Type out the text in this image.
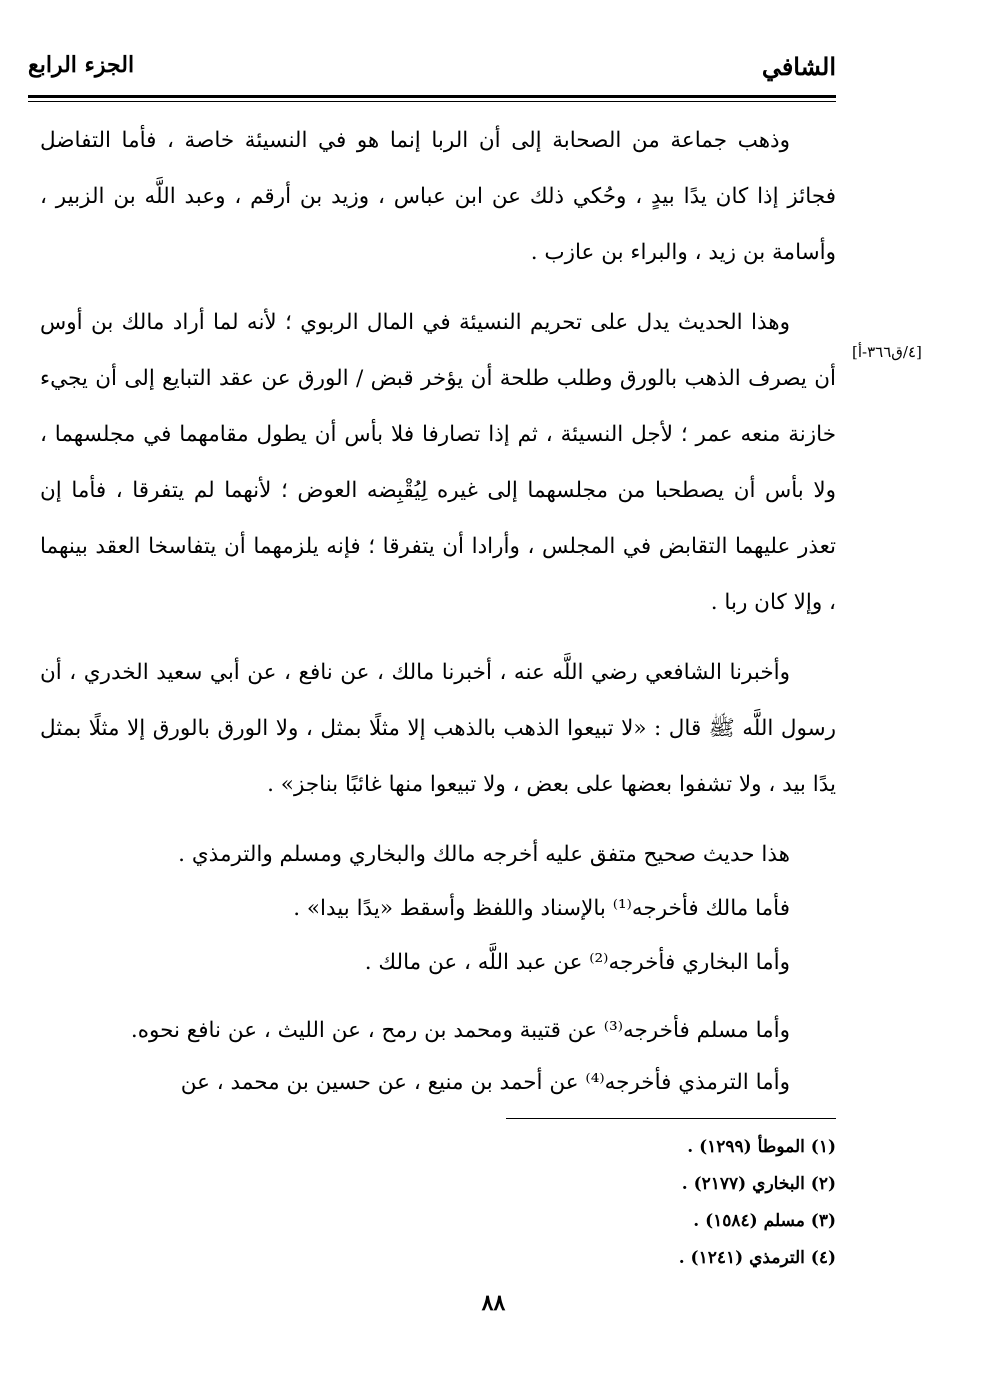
الشافي
الجزء الرابع
[٤/ق٣٦٦-أ]

وذهب جماعة من الصحابة إلى أن الربا إنما هو في النسيئة خاصة ، فأما التفاضل فجائز إذا كان يدًا بيدٍ ، وحُكي ذلك عن ابن عباس ، وزيد بن أرقم ، وعبد اللَّه بن الزبير ، وأسامة بن زيد ، والبراء بن عازب .

وهذا الحديث يدل على تحريم النسيئة في المال الربوي ؛ لأنه لما أراد مالك بن أوس أن يصرف الذهب بالورق وطلب طلحة أن يؤخر قبض / الورق عن عقد التبايع إلى أن يجيء خازنة منعه عمر ؛ لأجل النسيئة ، ثم إذا تصارفا فلا بأس أن يطول مقامهما في مجلسهما ، ولا بأس أن يصطحبا من مجلسهما إلى غيره لِيُقْبِضه العوض ؛ لأنهما لم يتفرقا ، فأما إن تعذر عليهما التقابض في المجلس ، وأرادا أن يتفرقا ؛ فإنه يلزمهما أن يتفاسخا العقد بينهما ، وإلا كان ربا .

وأخبرنا الشافعي رضي اللَّه عنه ، أخبرنا مالك ، عن نافع ، عن أبي سعيد الخدري ، أن رسول اللَّه ﷺ قال : «لا تبيعوا الذهب بالذهب إلا مثلًا بمثل ، ولا الورق بالورق إلا مثلًا بمثل يدًا بيد ، ولا تشفوا بعضها على بعض ، ولا تبيعوا منها غائبًا بناجز» .

هذا حديث صحيح متفق عليه أخرجه مالك والبخاري ومسلم والترمذي .

فأما مالك فأخرجه⁽¹⁾ بالإسناد واللفظ وأسقط «يدًا بيدا» .

وأما البخاري فأخرجه⁽²⁾ عن عبد اللَّه ، عن مالك .

وأما مسلم فأخرجه⁽³⁾ عن قتيبة ومحمد بن رمح ، عن الليث ، عن نافع نحوه.

وأما الترمذي فأخرجه⁽⁴⁾ عن أحمد بن منيع ، عن حسين بن محمد ، عن

(١) الموطأ (١٢٩٩) .
(٢) البخاري (٢١٧٧) .
(٣) مسلم (١٥٨٤) .
(٤) الترمذي (١٢٤١) .
٨٨
